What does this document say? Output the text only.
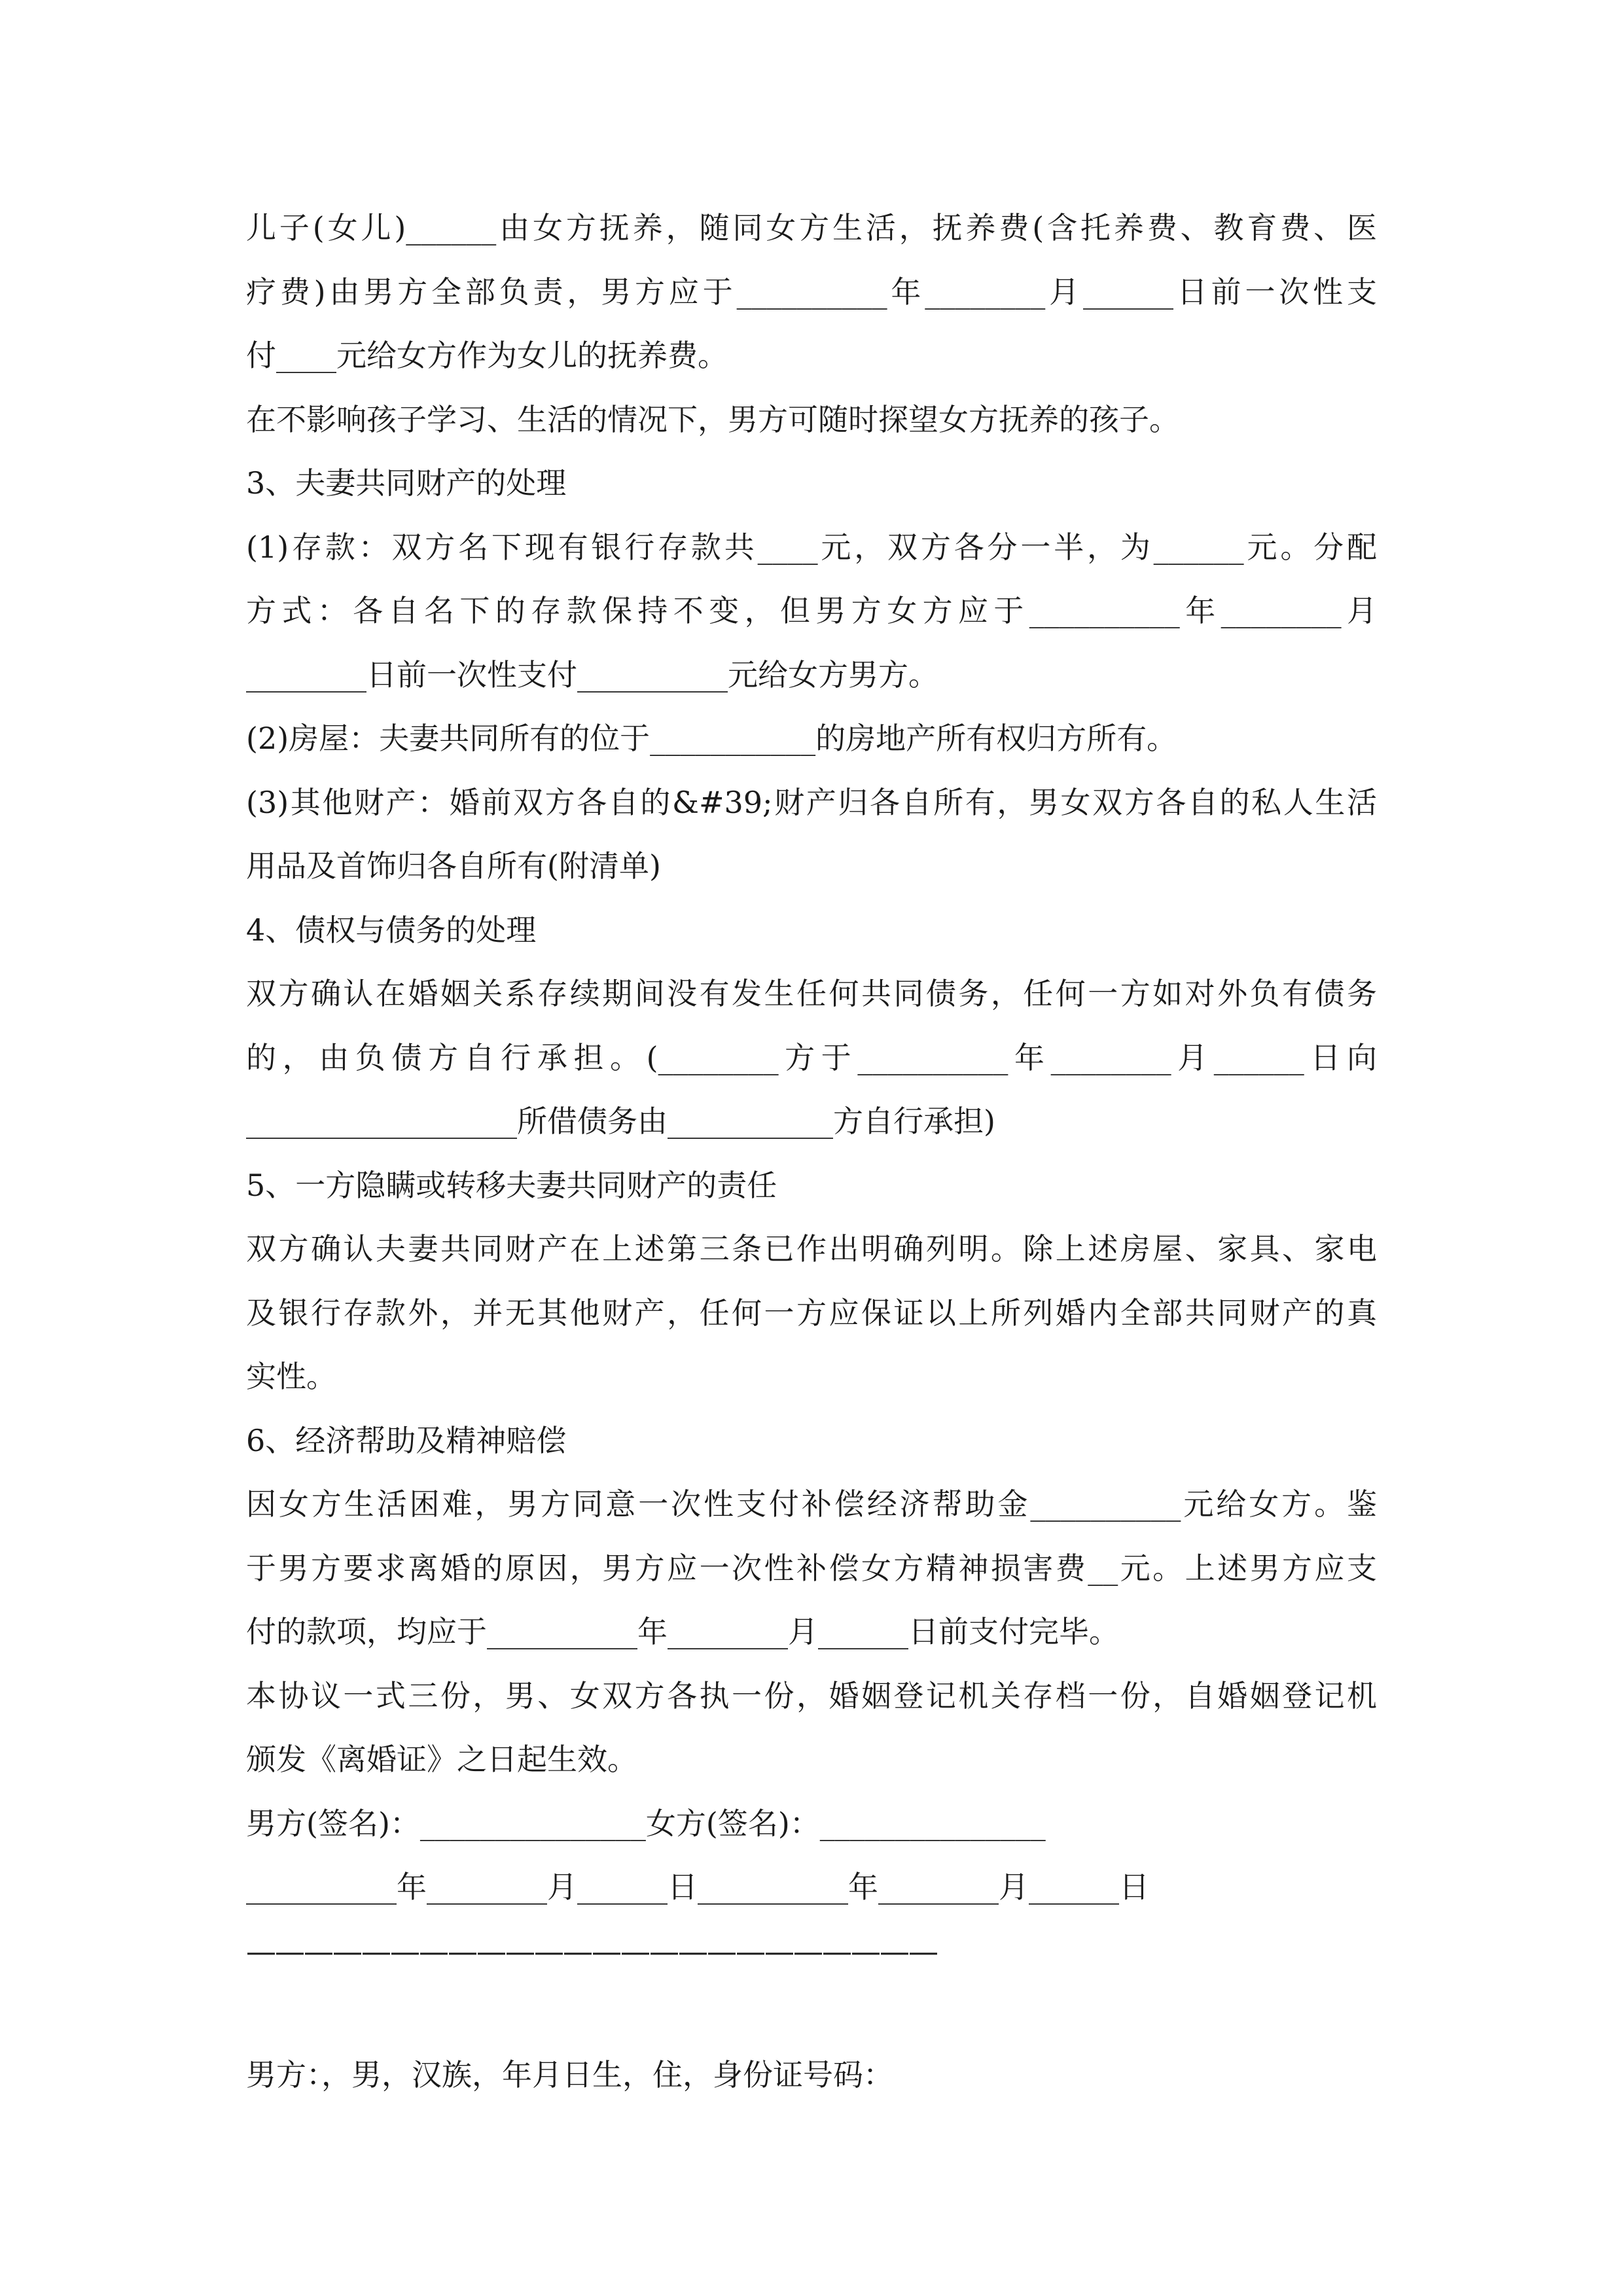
儿子(女儿)______由女方抚养，随同女方生活，抚养费(含托养费、教育费、医
疗费)由男方全部负责，男方应于__________年________月______日前一次性支
付____元给女方作为女儿的抚养费。
在不影响孩子学习、生活的情况下，男方可随时探望女方抚养的孩子。
3、夫妻共同财产的处理
(1)存款：双方名下现有银行存款共____元，双方各分一半，为______元。分配
方式：各自名下的存款保持不变，但男方女方应于__________年________月
________日前一次性支付__________元给女方男方。
(2)房屋：夫妻共同所有的位于___________的房地产所有权归方所有。
(3)其他财产：婚前双方各自的&#39;财产归各自所有，男女双方各自的私人生活
用品及首饰归各自所有(附清单)
4、债权与债务的处理
双方确认在婚姻关系存续期间没有发生任何共同债务，任何一方如对外负有债务
的，由负债方自行承担。(________方于__________年________月______日向
__________________所借债务由___________方自行承担)
5、一方隐瞒或转移夫妻共同财产的责任
双方确认夫妻共同财产在上述第三条已作出明确列明。除上述房屋、家具、家电
及银行存款外，并无其他财产，任何一方应保证以上所列婚内全部共同财产的真
实性。
6、经济帮助及精神赔偿
因女方生活困难，男方同意一次性支付补偿经济帮助金__________元给女方。鉴
于男方要求离婚的原因，男方应一次性补偿女方精神损害费__元。上述男方应支
付的款项，均应于__________年________月______日前支付完毕。
本协议一式三份，男、女双方各执一份，婚姻登记机关存档一份，自婚姻登记机
颁发《离婚证》之日起生效。
男方(签名)：_______________女方(签名)：_______________
__________年________月______日__________年________月______日
————————————————————————
男方：，男，汉族，年月日生，住，身份证号码：
